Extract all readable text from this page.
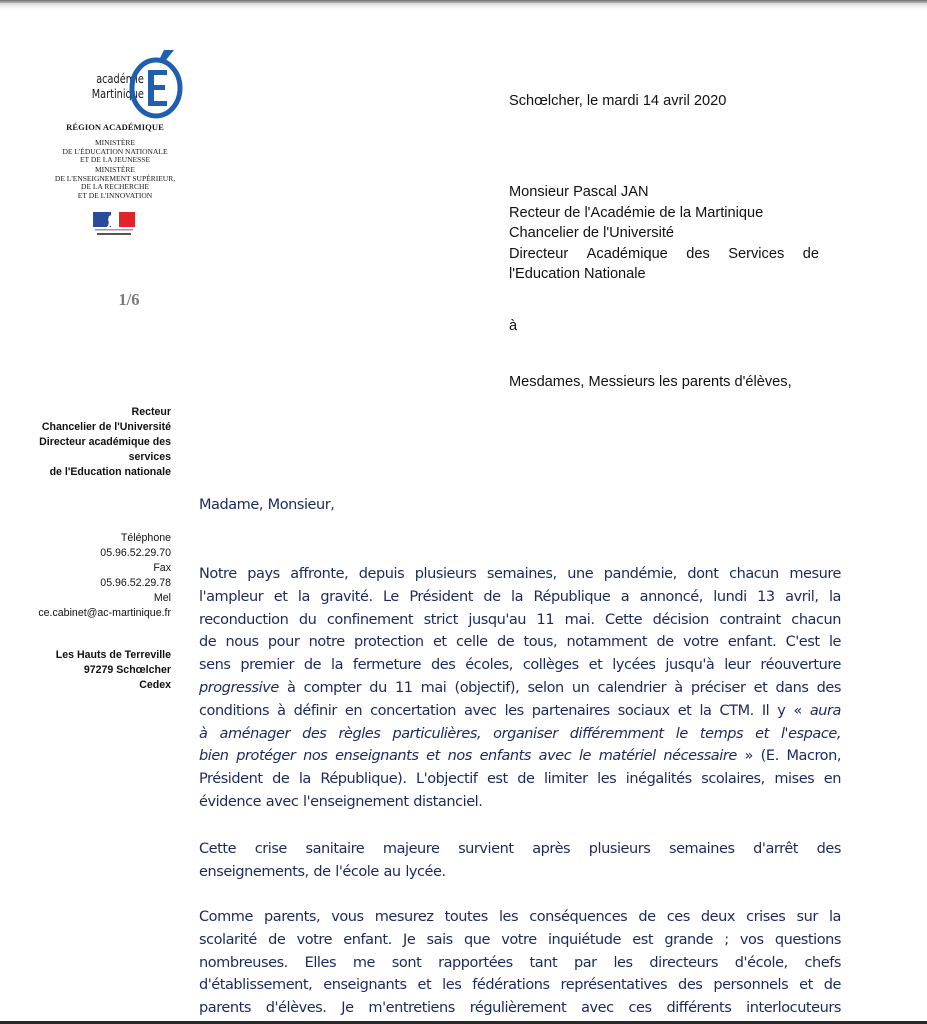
académie
Martinique
RÉGION ACADÉMIQUE
MINISTÈRE
DE L'ÉDUCATION NATIONALE
ET DE LA JEUNESSE
MINISTÈRE
DE L'ENSEIGNEMENT SUPÉRIEUR,
DE LA RECHERCHE
ET DE L'INNOVATION
1/6
Recteur
Chancelier de l'Université
Directeur académique des
services
de l'Education nationale
Téléphone
05.96.52.29.70
Fax
05.96.52.29.78
Mel
ce.cabinet@ac-martinique.fr
Les Hauts de Terreville
97279 Schœlcher
Cedex
Schœlcher, le mardi 14 avril 2020
Monsieur Pascal JAN
Recteur de l'Académie de la Martinique
Chancelier de l'Université
Directeur Académique des Services de
l'Education Nationale
à
Mesdames, Messieurs les parents d'élèves,
Madame, Monsieur,
Notre pays affronte, depuis plusieurs semaines, une pandémie, dont chacun mesure
l'ampleur et la gravité. Le Président de la République a annoncé, lundi 13 avril, la
reconduction du confinement strict jusqu'au 11 mai. Cette décision contraint chacun
de nous pour notre protection et celle de tous, notamment de votre enfant. C'est le
sens premier de la fermeture des écoles, collèges et lycées jusqu'à leur réouverture
progressive à compter du 11 mai (objectif), selon un calendrier à préciser et dans des
conditions à définir en concertation avec les partenaires sociaux et la CTM. Il y « aura
à aménager des règles particulières, organiser différemment le temps et l'espace,
bien protéger nos enseignants et nos enfants avec le matériel nécessaire » (E. Macron,
Président de la République). L'objectif est de limiter les inégalités scolaires, mises en
évidence avec l'enseignement distanciel.
Cette crise sanitaire majeure survient après plusieurs semaines d'arrêt des
enseignements, de l'école au lycée.
Comme parents, vous mesurez toutes les conséquences de ces deux crises sur la
scolarité de votre enfant. Je sais que votre inquiétude est grande ; vos questions
nombreuses. Elles me sont rapportées tant par les directeurs d'école, chefs
d'établissement, enseignants et les fédérations représentatives des personnels et de
parents d'élèves. Je m'entretiens régulièrement avec ces différents interlocuteurs
